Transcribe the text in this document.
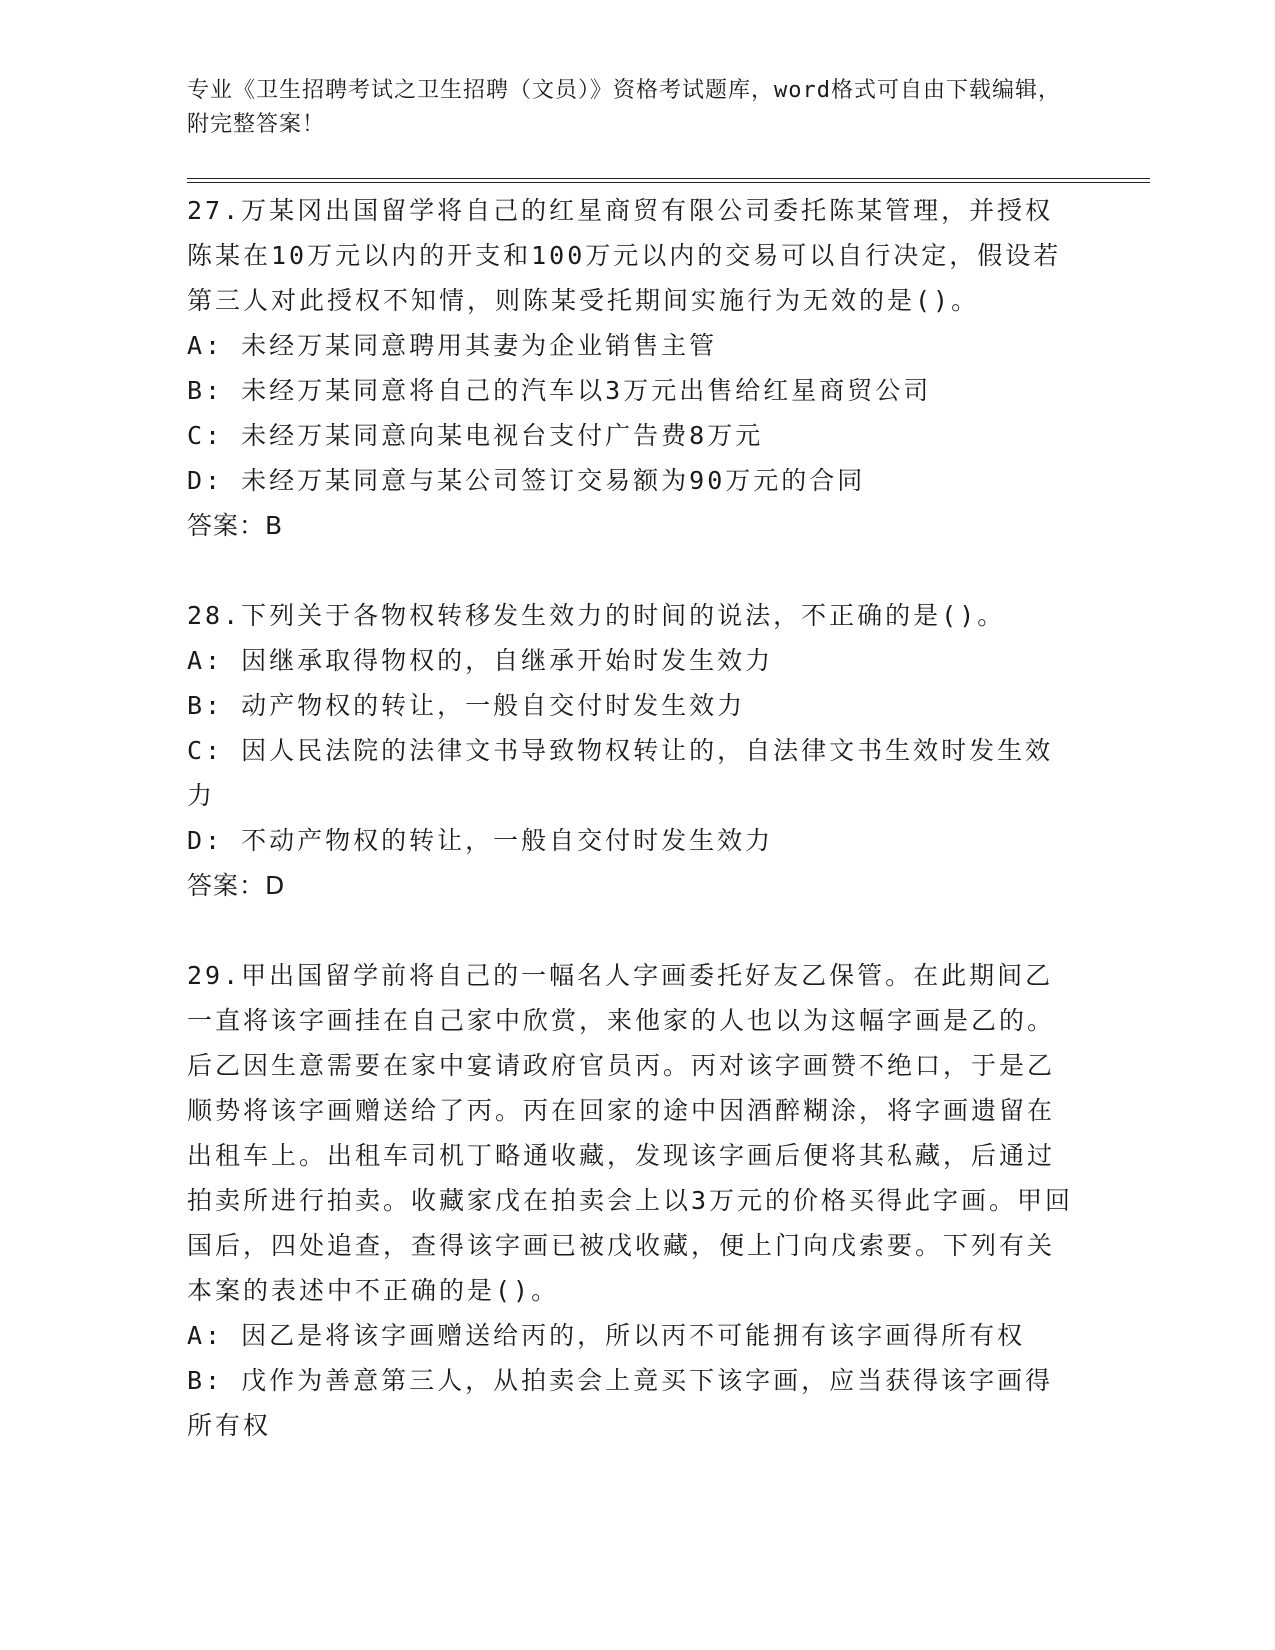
专业《卫生招聘考试之卫生招聘（文员）》资格考试题库，word格式可自由下载编辑，附完整答案！
27.万某冈出国留学将自己的红星商贸有限公司委托陈某管理，并授权陈某在10万元以内的开支和100万元以内的交易可以自行决定，假设若第三人对此授权不知情，则陈某受托期间实施行为无效的是()。
A: 未经万某同意聘用其妻为企业销售主管
B: 未经万某同意将自己的汽车以3万元出售给红星商贸公司
C: 未经万某同意向某电视台支付广告费8万元
D: 未经万某同意与某公司签订交易额为90万元的合同
答案：B
28.下列关于各物权转移发生效力的时间的说法，不正确的是()。
A: 因继承取得物权的，自继承开始时发生效力
B: 动产物权的转让，一般自交付时发生效力
C: 因人民法院的法律文书导致物权转让的，自法律文书生效时发生效力
D: 不动产物权的转让，一般自交付时发生效力
答案：D
29.甲出国留学前将自己的一幅名人字画委托好友乙保管。在此期间乙一直将该字画挂在自己家中欣赏，来他家的人也以为这幅字画是乙的。后乙因生意需要在家中宴请政府官员丙。丙对该字画赞不绝口，于是乙顺势将该字画赠送给了丙。丙在回家的途中因酒醉糊涂，将字画遗留在出租车上。出租车司机丁略通收藏，发现该字画后便将其私藏，后通过拍卖所进行拍卖。收藏家戊在拍卖会上以3万元的价格买得此字画。甲回国后，四处追查，查得该字画已被戊收藏，便上门向戊索要。下列有关本案的表述中不正确的是()。
A: 因乙是将该字画赠送给丙的，所以丙不可能拥有该字画得所有权
B: 戊作为善意第三人，从拍卖会上竟买下该字画，应当获得该字画得所有权
